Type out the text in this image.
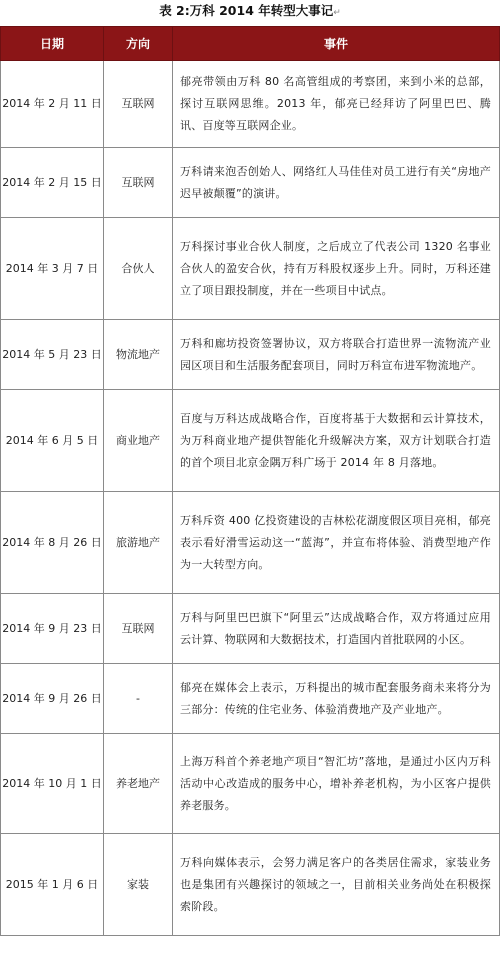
表 2:万科 2014 年转型大事记↵
日期	方向	事件
2014 年 2 月 11 日	互联网	郁亮带领由万科 80 名高管组成的考察团，来到小米的总部，探讨互联网思维。2013 年，郁亮已经拜访了阿里巴巴、腾讯、百度等互联网企业。
2014 年 2 月 15 日	互联网	万科请来泡否创始人、网络红人马佳佳对员工进行有关“房地产迟早被颠覆”的演讲。
2014 年 3 月 7 日	合伙人	万科探讨事业合伙人制度，之后成立了代表公司 1320 名事业合伙人的盈安合伙，持有万科股权逐步上升。同时，万科还建立了项目跟投制度，并在一些项目中试点。
2014 年 5 月 23 日	物流地产	万科和廊坊投资签署协议，双方将联合打造世界一流物流产业园区项目和生活服务配套项目，同时万科宣布进军物流地产。
2014 年 6 月 5 日	商业地产	百度与万科达成战略合作，百度将基于大数据和云计算技术，为万科商业地产提供智能化升级解决方案，双方计划联合打造的首个项目北京金隅万科广场于 2014 年 8 月落地。
2014 年 8 月 26 日	旅游地产	万科斥资 400 亿投资建设的吉林松花湖度假区项目亮相，郁亮表示看好滑雪运动这一“蓝海”，并宣布将体验、消费型地产作为一大转型方向。
2014 年 9 月 23 日	互联网	万科与阿里巴巴旗下“阿里云”达成战略合作，双方将通过应用云计算、物联网和大数据技术，打造国内首批联网的小区。
2014 年 9 月 26 日	-	郁亮在媒体会上表示，万科提出的城市配套服务商未来将分为三部分：传统的住宅业务、体验消费地产及产业地产。
2014 年 10 月 1 日	养老地产	上海万科首个养老地产项目“智汇坊”落地，是通过小区内万科活动中心改造成的服务中心，增补养老机构，为小区客户提供养老服务。
2015 年 1 月 6 日	家装	万科向媒体表示，会努力满足客户的各类居住需求，家装业务也是集团有兴趣探讨的领域之一，目前相关业务尚处在积极探索阶段。
